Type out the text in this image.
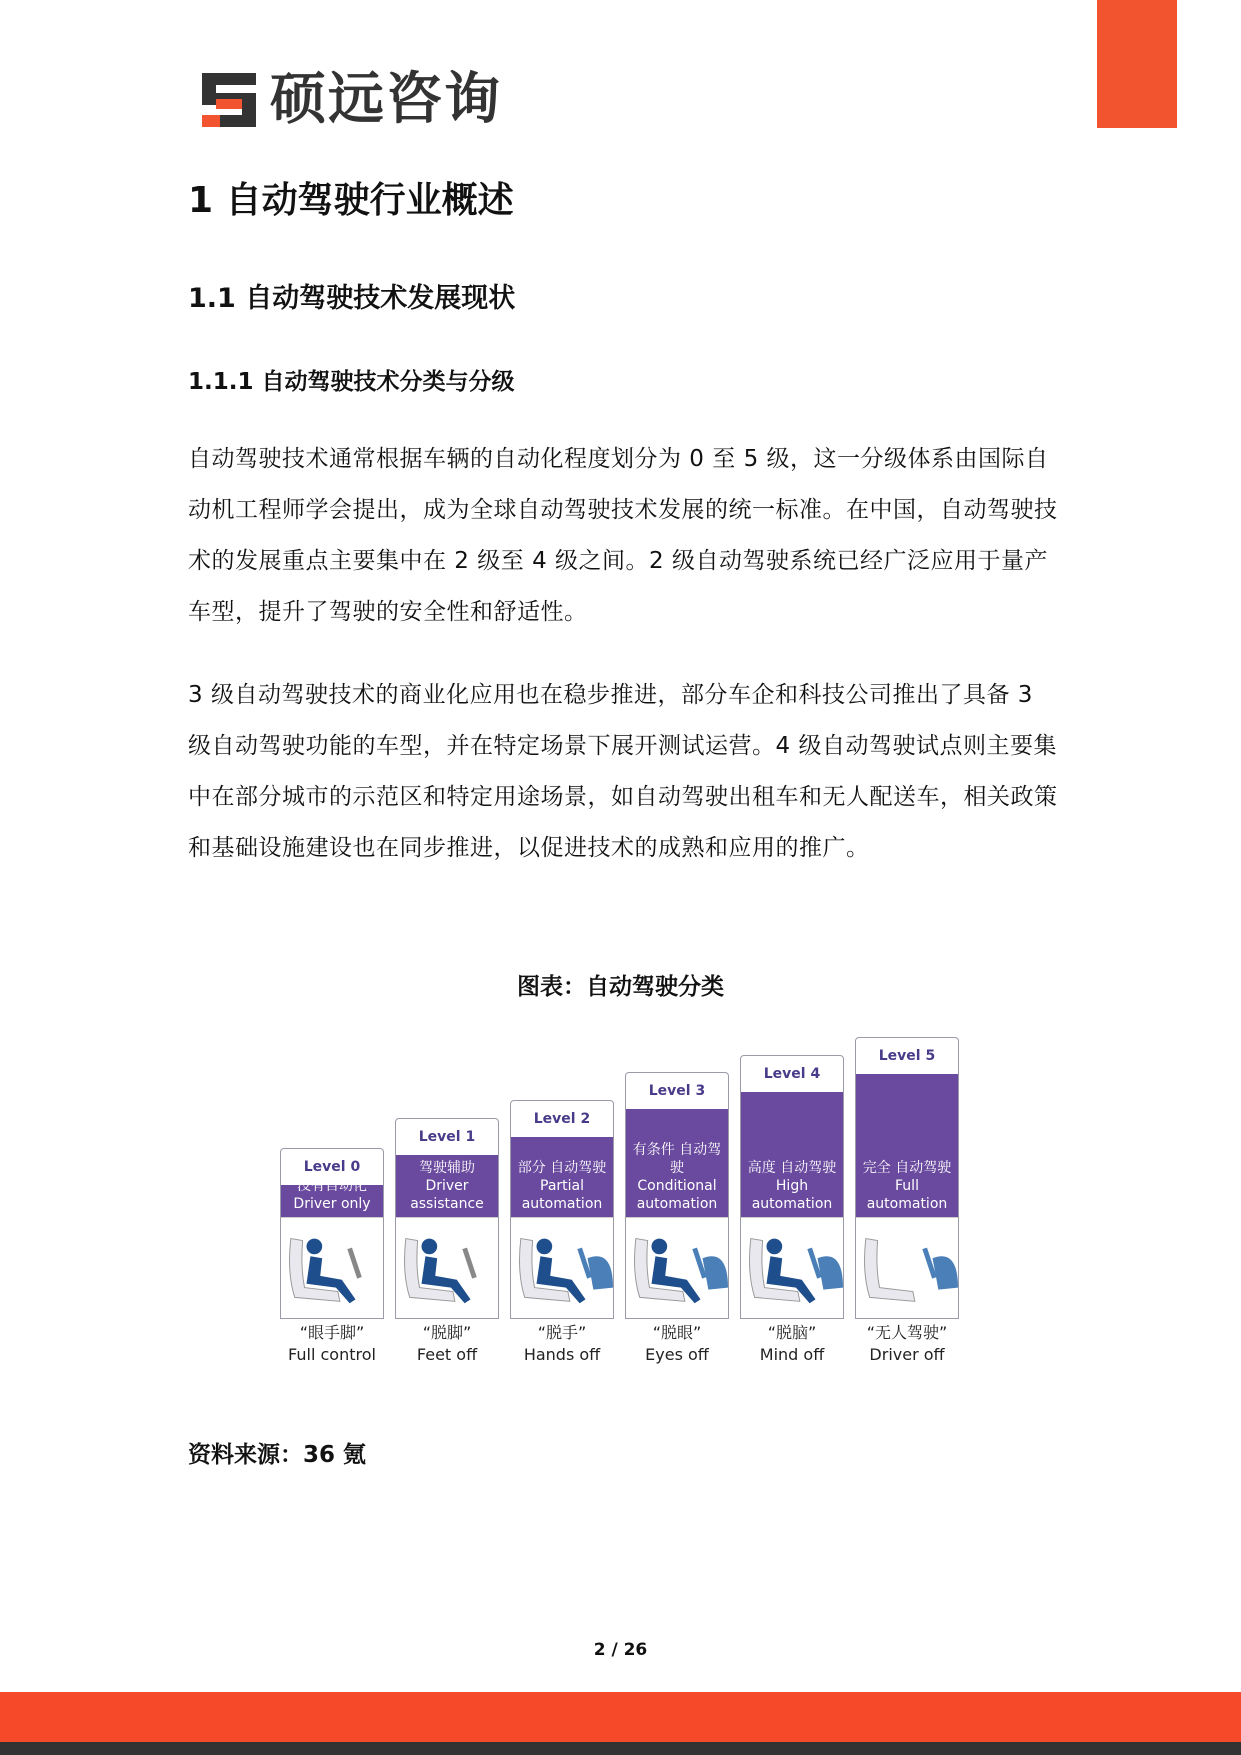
硕远咨询
1 自动驾驶行业概述
1.1 自动驾驶技术发展现状
1.1.1 自动驾驶技术分类与分级

自动驾驶技术通常根据车辆的自动化程度划分为 0 至 5 级，这一分级体系由国际自动机工程师学会提出，成为全球自动驾驶技术发展的统一标准。在中国，自动驾驶技术的发展重点主要集中在 2 级至 4 级之间。2 级自动驾驶系统已经广泛应用于量产车型，提升了驾驶的安全性和舒适性。

3 级自动驾驶技术的商业化应用也在稳步推进，部分车企和科技公司推出了具备 3 级自动驾驶功能的车型，并在特定场景下展开测试运营。4 级自动驾驶试点则主要集中在部分城市的示范区和特定用途场景，如自动驾驶出租车和无人配送车，相关政策和基础设施建设也在同步推进，以促进技术的成熟和应用的推广。

图表：自动驾驶分类
Level 0
没有自动化
Driver only
“眼手脚”
Full control
Level 1
驾驶辅助
Driver assistance
“脱脚”
Feet off
Level 2
部分 自动驾驶
Partial automation
“脱手”
Hands off
Level 3
有条件 自动驾驶
Conditional automation
“脱眼”
Eyes off
Level 4
高度 自动驾驶
High automation
“脱脑”
Mind off
Level 5
完全 自动驾驶
Full automation
“无人驾驶”
Driver off
资料来源：36 氪
2 / 26
